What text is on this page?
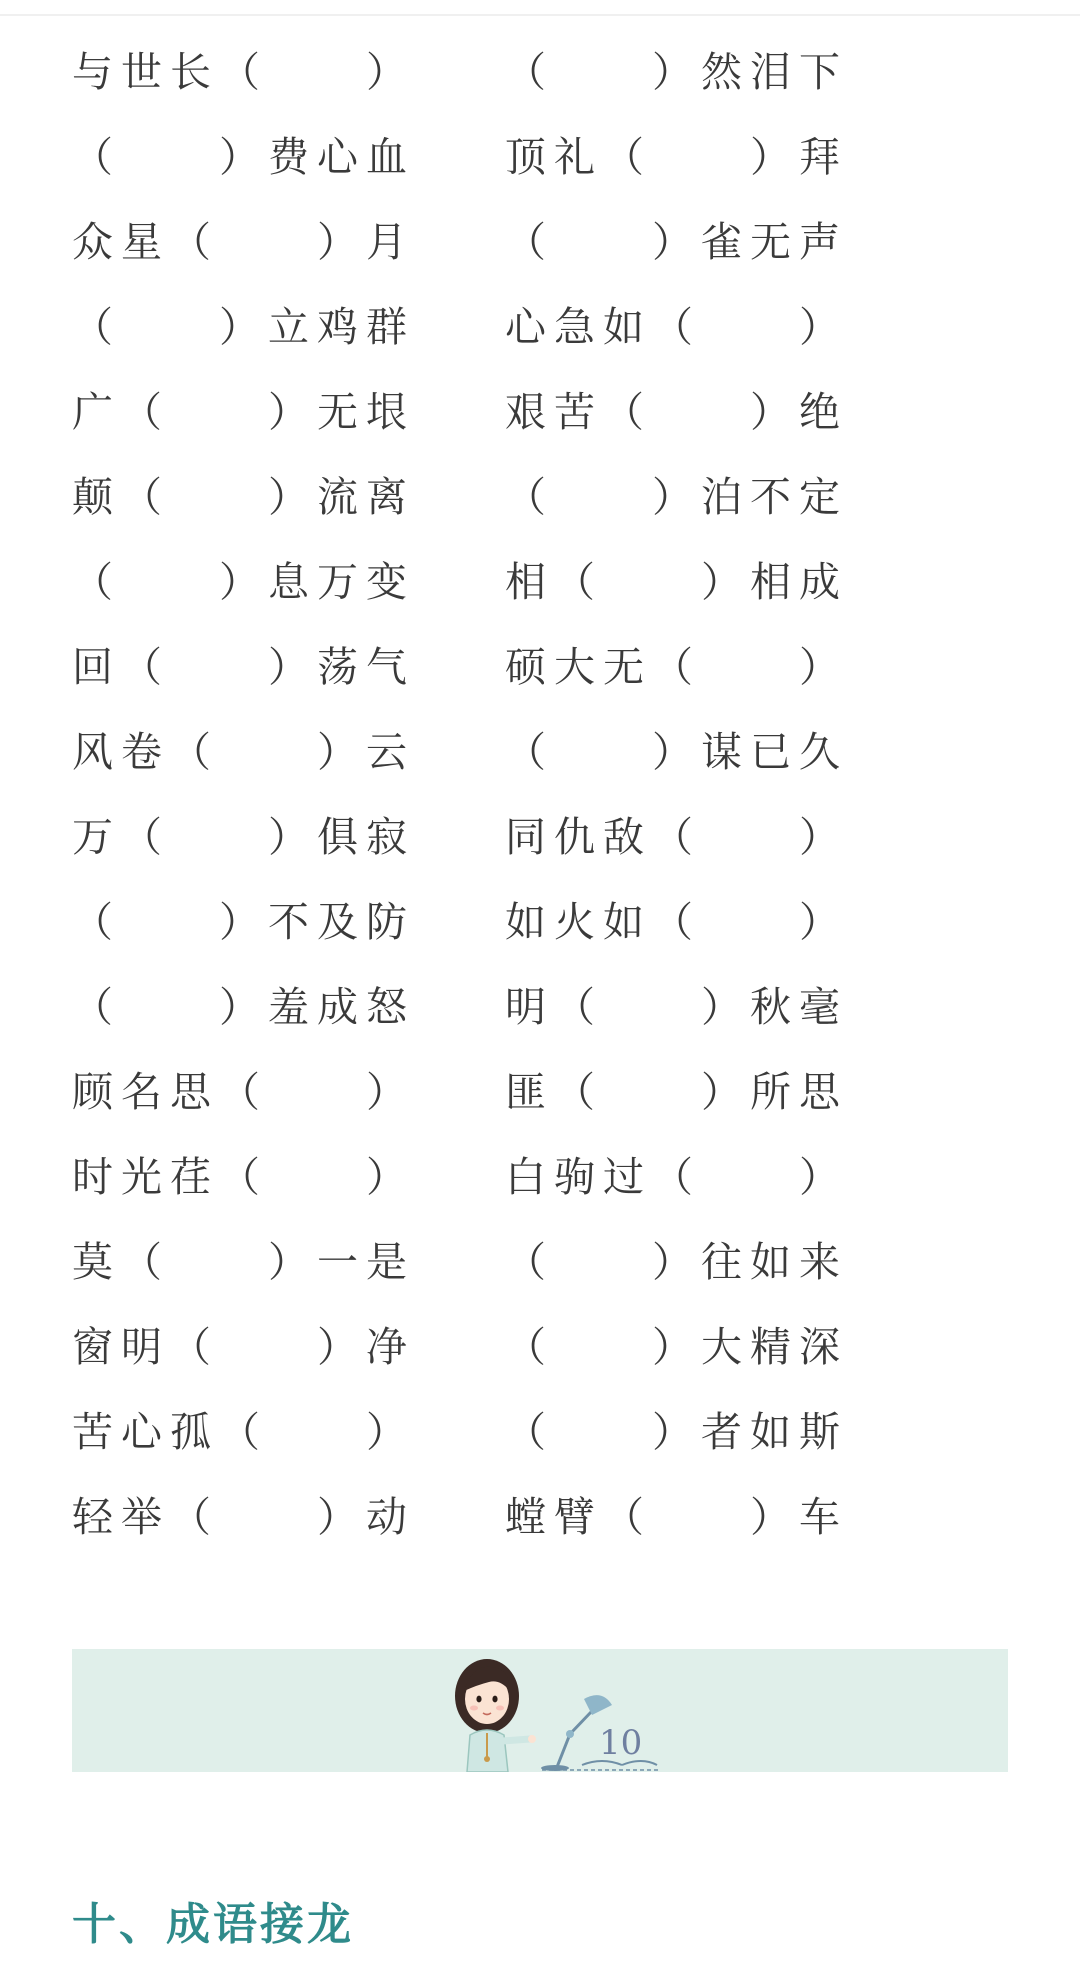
与世长（　　） （　　）然泪下
（　　）费心血 顶礼（　　）拜
众星（　　）月 （　　）雀无声
（　　）立鸡群 心急如（　　）
广（　　）无垠 艰苦（　　）绝
颠（　　）流离 （　　）泊不定
（　　）息万变 相（　　）相成
回（　　）荡气 硕大无（　　）
风卷（　　）云 （　　）谋已久
万（　　）俱寂 同仇敌（　　）
（　　）不及防 如火如（　　）
（　　）羞成怒 明（　　）秋毫
顾名思（　　） 匪（　　）所思
时光荏（　　） 白驹过（　　）
莫（　　）一是 （　　）往如来
窗明（　　）净 （　　）大精深
苦心孤（　　） （　　）者如斯
轻举（　　）动 螳臂（　　）车
10
十、成语接龙
